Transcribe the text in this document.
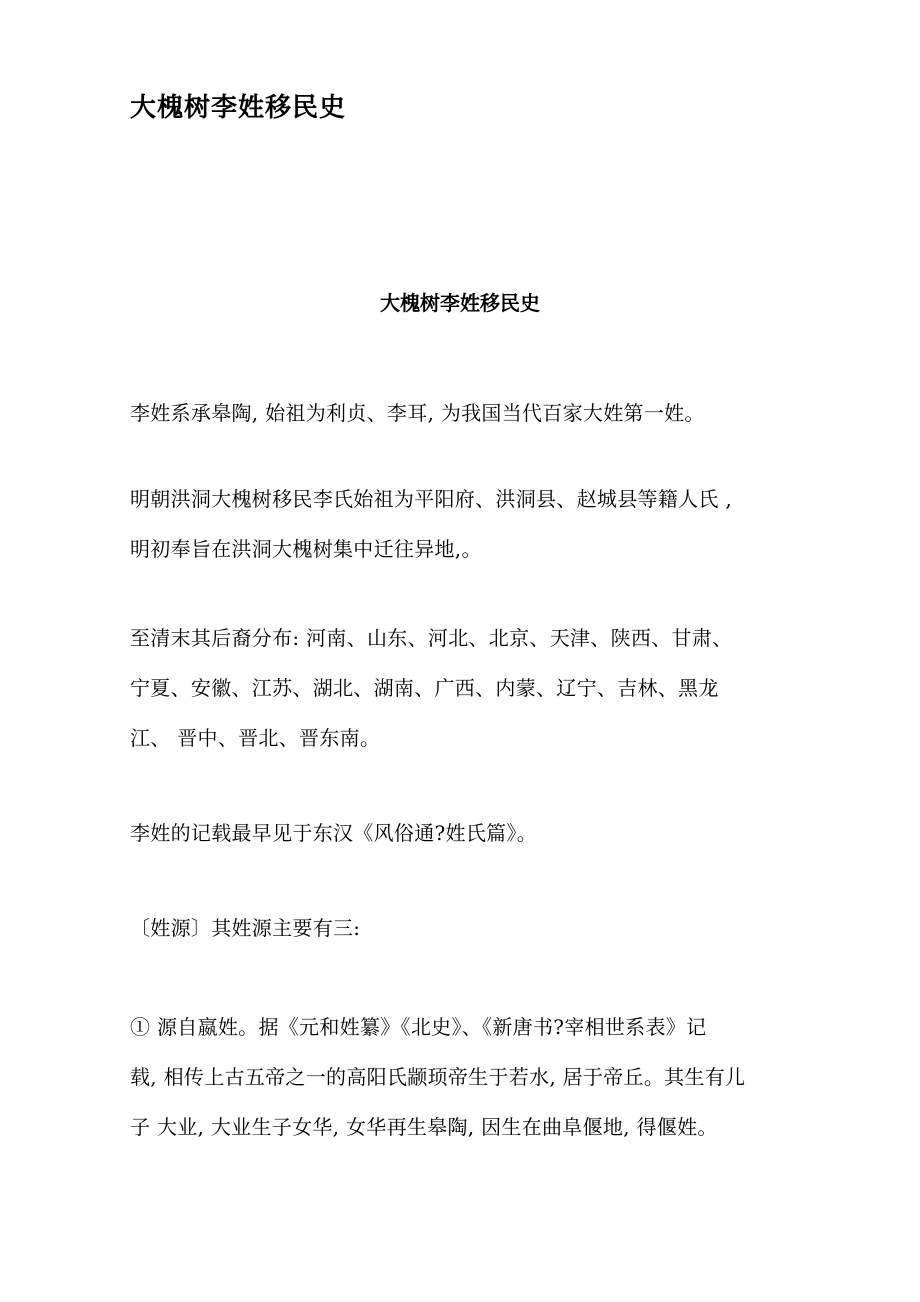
大槐树李姓移民史
大槐树李姓移民史

李姓系承皋陶, 始祖为利贞、李耳, 为我国当代百家大姓第一姓。

明朝洪洞大槐树移民李氏始祖为平阳府、洪洞县、赵城县等籍人氏 ,
明初奉旨在洪洞大槐树集中迁往异地,。

至清末其后裔分布: 河南、山东、河北、北京、天津、陕西、甘肃、
宁夏、安徽、江苏、湖北、湖南、广西、内蒙、辽宁、吉林、黑龙
江、 晋中、晋北、晋东南。

李姓的记载最早见于东汉《风俗通?姓氏篇》。

〔姓源〕其姓源主要有三:

① 源自嬴姓。据《元和姓纂》《北史》、《新唐书?宰相世系表》记
载, 相传上古五帝之一的高阳氏颛顼帝生于若水, 居于帝丘。其生有儿
子 大业, 大业生子女华, 女华再生皋陶, 因生在曲阜偃地, 得偃姓。
